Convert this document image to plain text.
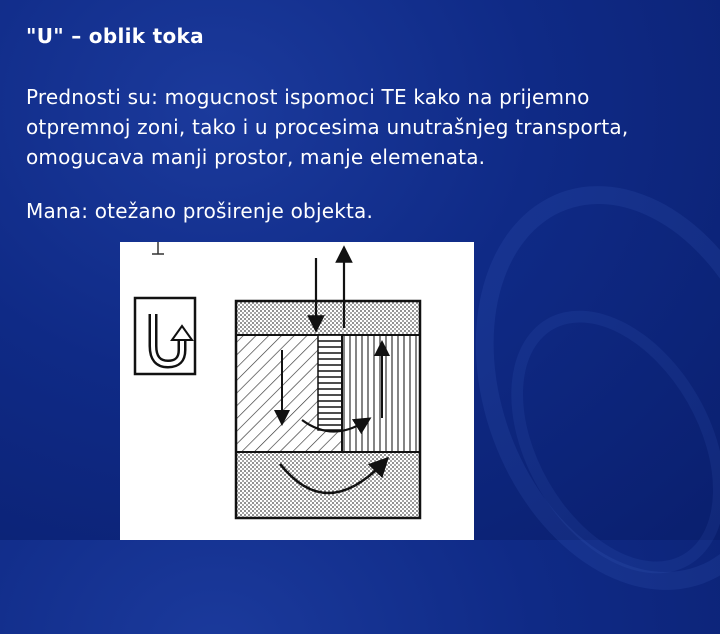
"U" – oblik toka
Prednosti su: mogucnost ispomoci TE kako na prijemno otpremnoj zoni, tako i u procesima unutrašnjeg transporta, omogucava manji prostor, manje elemenata.
Mana: otežano proširenje objekta.
